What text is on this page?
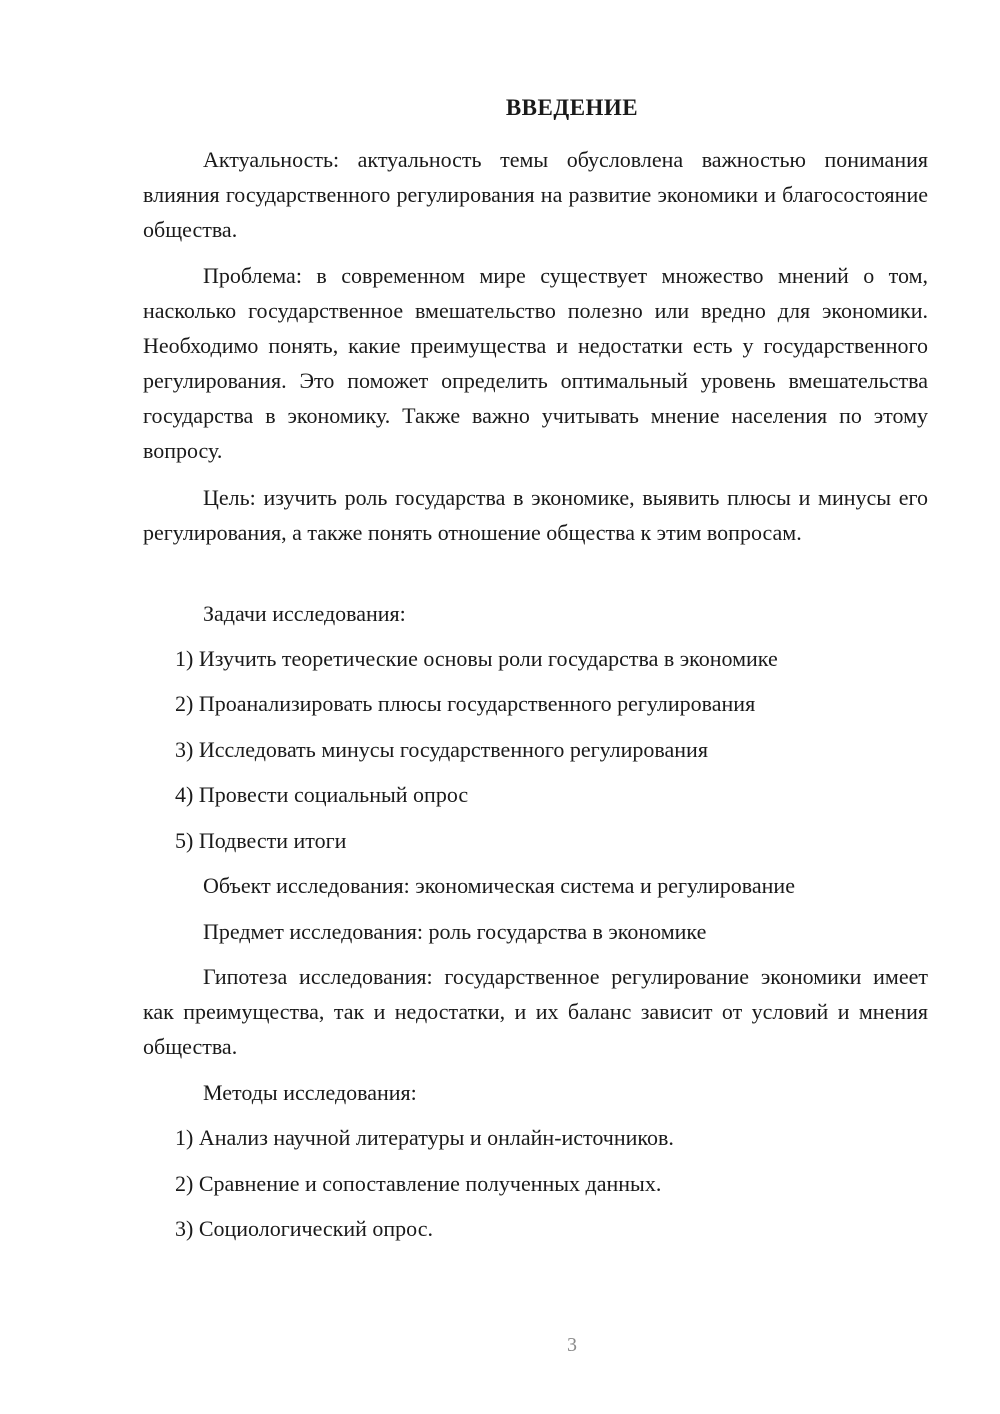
ВВЕДЕНИЕ

Актуальность: актуальность темы обусловлена важностью понимания влияния государственного регулирования на развитие экономики и благосостояние общества.

Проблема: в современном мире существует множество мнений о том, насколько государственное вмешательство полезно или вредно для экономики. Необходимо понять, какие преимущества и недостатки есть у государственного регулирования. Это поможет определить оптимальный уровень вмешательства государства в экономику. Также важно учитывать мнение населения по этому вопросу.

Цель: изучить роль государства в экономике, выявить плюсы и минусы его регулирования, а также понять отношение общества к этим вопросам.

Задачи исследования:

1) Изучить теоретические основы роли государства в экономике

2) Проанализировать плюсы государственного регулирования

3) Исследовать минусы государственного регулирования

4) Провести социальный опрос

5) Подвести итоги

Объект исследования: экономическая система и регулирование

Предмет исследования: роль государства в экономике

Гипотеза исследования: государственное регулирование экономики имеет как преимущества, так и недостатки, и их баланс зависит от условий и мнения общества.

Методы исследования:

1) Анализ научной литературы и онлайн-источников.

2) Сравнение и сопоставление полученных данных.

3) Социологический опрос.

3
